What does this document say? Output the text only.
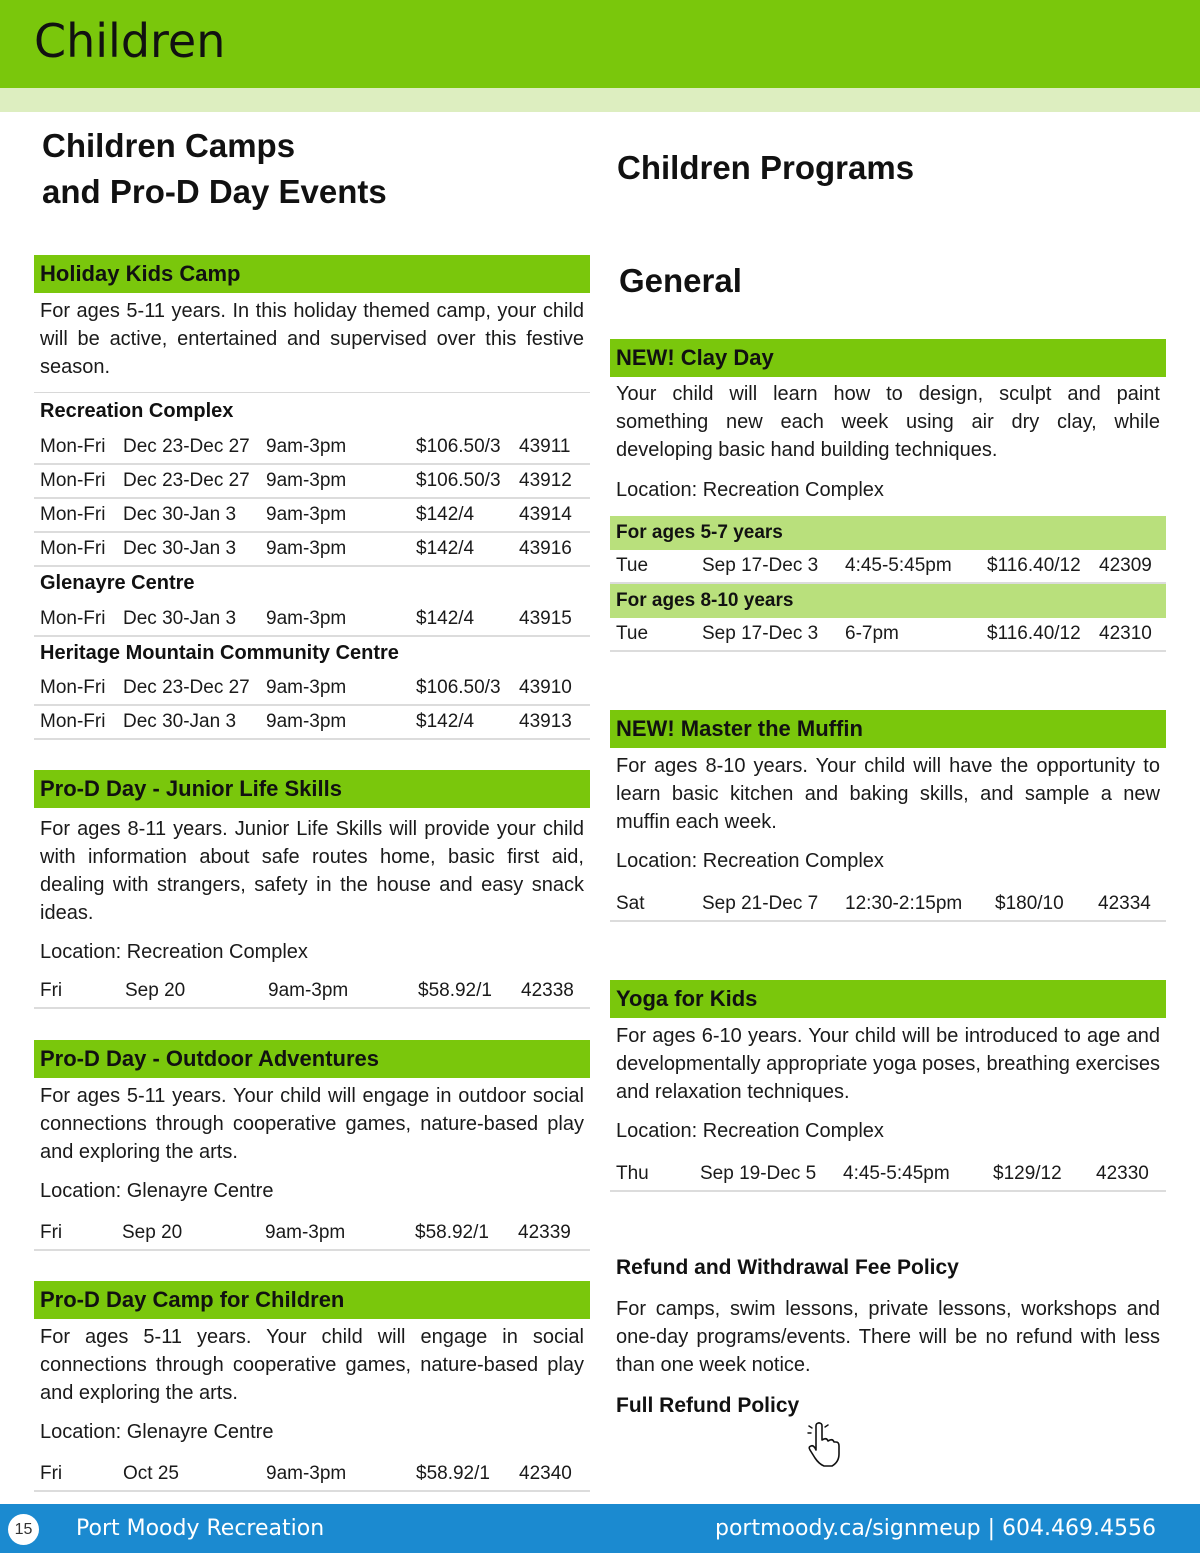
Children
Children Camps
and Pro-D Day Events
Holiday Kids Camp
For ages 5-11 years. In this holiday themed camp, your child will be active, entertained and supervised over this festive season.
Recreation Complex
Mon-Fri Dec 23-Dec 27 9am-3pm	$106.50/3 43911
Mon-Fri Dec 23-Dec 27 9am-3pm	$106.50/3 43912
Mon-Fri Dec 30-Jan 3 9am-3pm	$142/4 43914
Mon-Fri Dec 30-Jan 3 9am-3pm	$142/4 43916
Glenayre Centre
Mon-Fri Dec 30-Jan 3 9am-3pm	$142/4 43915
Heritage Mountain Community Centre
Mon-Fri Dec 23-Dec 27 9am-3pm	$106.50/3 43910
Mon-Fri Dec 30-Jan 3 9am-3pm	$142/4 43913
Pro-D Day - Junior Life Skills
For ages 8-11 years. Junior Life Skills will provide your child with information about safe routes home, basic first aid, dealing with strangers, safety in the house and easy snack ideas.
Location: Recreation Complex
Fri	Sep 20	9am-3pm	$58.92/1 42338
Pro-D Day - Outdoor Adventures
For ages 5-11 years. Your child will engage in outdoor social connections through cooperative games, nature-based play and exploring the arts.
Location: Glenayre Centre
Fri	Sep 20	9am-3pm	$58.92/1 42339
Pro-D Day Camp for Children
For ages 5-11 years. Your child will engage in social connections through cooperative games, nature-based play and exploring the arts.
Location: Glenayre Centre
Fri	Oct 25	9am-3pm	$58.92/1 42340
Children Programs
General
NEW! Clay Day
Your child will learn how to design, sculpt and paint something new each week using air dry clay, while developing basic hand building techniques.
Location: Recreation Complex
For ages 5-7 years
Tue	Sep 17-Dec 3 4:45-5:45pm $116.40/12 42309
For ages 8-10 years
Tue	Sep 17-Dec 3 6-7pm	$116.40/12 42310
NEW! Master the Muffin
For ages 8-10 years. Your child will have the opportunity to learn basic kitchen and baking skills, and sample a new muffin each week.
Location: Recreation Complex
Sat	Sep 21-Dec 7 12:30-2:15pm $180/10 42334
Yoga for Kids
For ages 6-10 years. Your child will be introduced to age and developmentally appropriate yoga poses, breathing exercises and relaxation techniques.
Location: Recreation Complex
Thu	Sep 19-Dec 5 4:45-5:45pm $129/12 42330
Refund and Withdrawal Fee Policy
For camps, swim lessons, private lessons, workshops and one-day programs/events. There will be no refund with less than one week notice.
Full Refund Policy
15	Port Moody Recreation	portmoody.ca/signmeup | 604.469.4556
